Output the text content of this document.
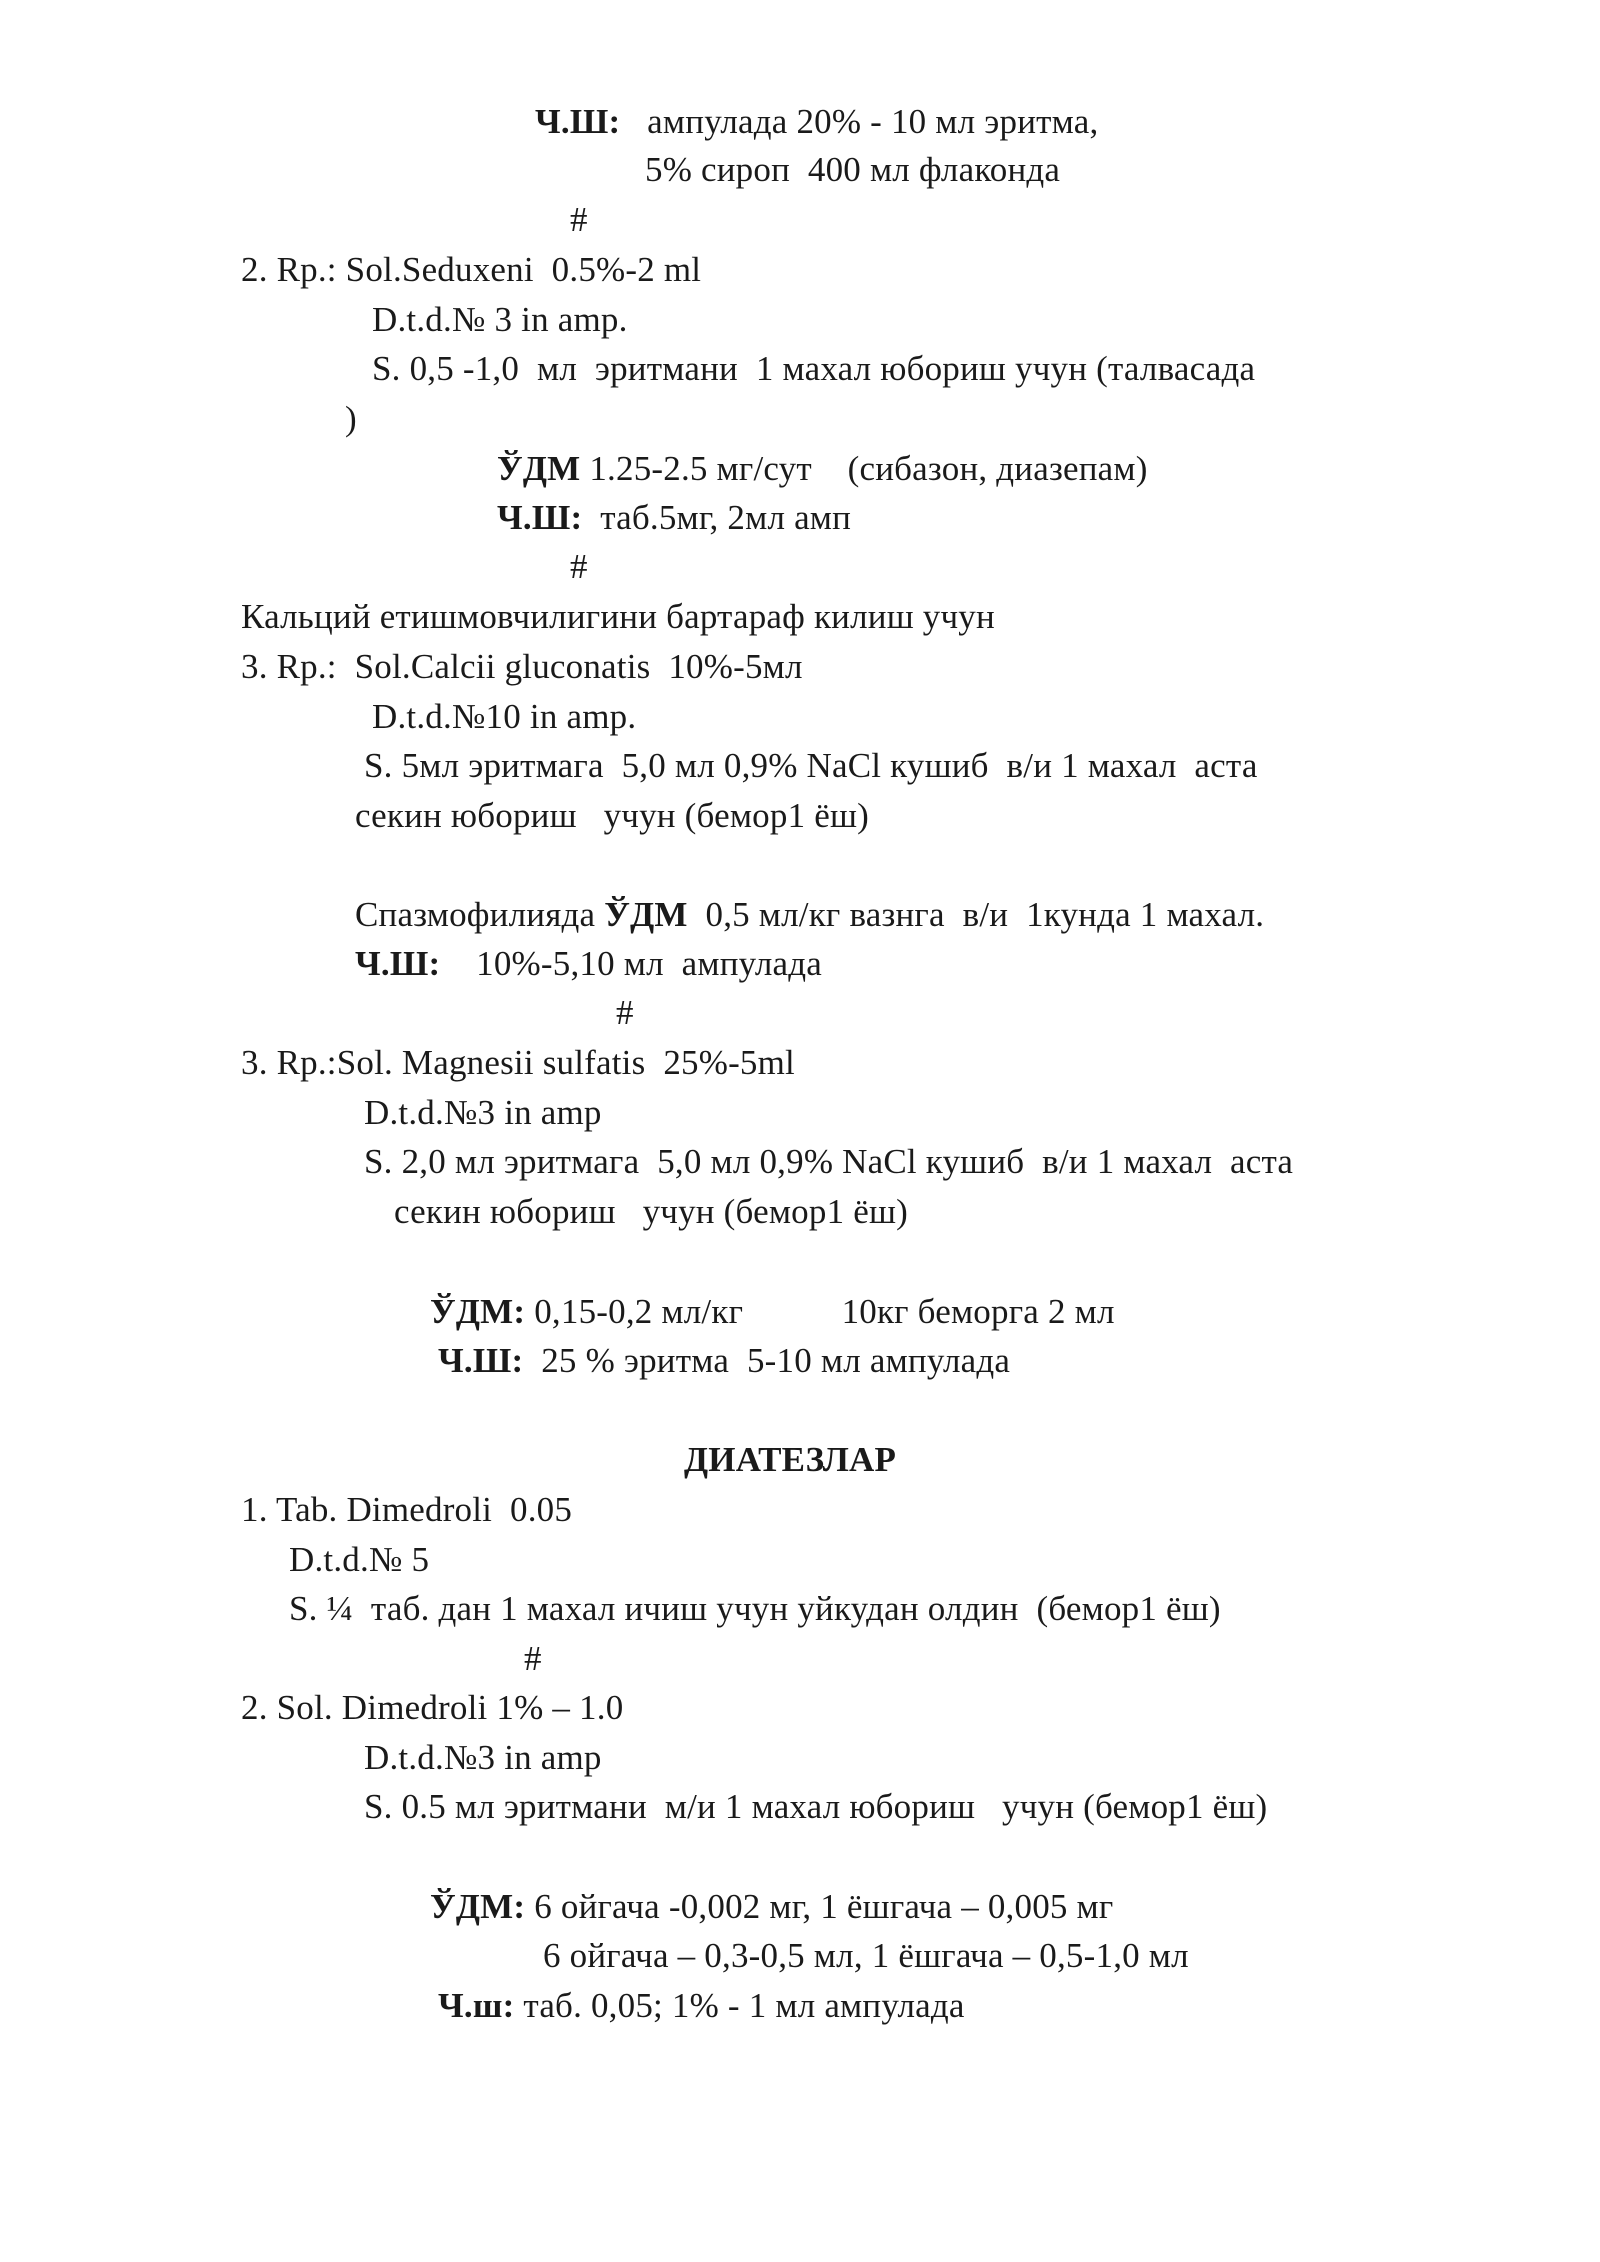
Ч.Ш:   ампулада 20% - 10 мл эритма,
5% сироп  400 мл флаконда
#
2. Rp.: Sol.Seduxeni  0.5%-2 ml
D.t.d.№ 3 in amp.
S. 0,5 -1,0  мл  эритмани  1 махал юбориш учун (талвасада
)
ЎДМ 1.25-2.5 мг/сут    (сибазон, диазепам)
Ч.Ш:  таб.5мг, 2мл амп
#
Кальций етишмовчилигини бартараф килиш учун
3. Rp.:  Sol.Calcii gluconatis  10%-5мл
D.t.d.№10 in amp.
S. 5мл эритмага  5,0 мл 0,9% NaCl кушиб  в/и 1 махал  аста
секин юбориш   учун (бемор1 ёш)
Спазмофилияда ЎДМ  0,5 мл/кг вазнга  в/и  1кунда 1 махал.
Ч.Ш:    10%-5,10 мл  ампулада
#
3. Rp.:Sol. Magnesii sulfatis  25%-5ml
D.t.d.№3 in amp
S. 2,0 мл эритмага  5,0 мл 0,9% NaCl кушиб  в/и 1 махал  аста
секин юбориш   учун (бемор1 ёш)
ЎДМ: 0,15-0,2 мл/кг           10кг беморга 2 мл
Ч.Ш:  25 % эритма  5-10 мл ампулада
ДИАТЕЗЛАР
1. Tab. Dimedroli  0.05
D.t.d.№ 5
S. ¼  таб. дан 1 махал ичиш учун уйкудан олдин  (бемор1 ёш)
#
2. Sol. Dimedroli 1% – 1.0
D.t.d.№3 in amp
S. 0.5 мл эритмани  м/и 1 махал юбориш   учун (бемор1 ёш)
ЎДМ: 6 ойгача -0,002 мг, 1 ёшгача – 0,005 мг
6 ойгача – 0,3-0,5 мл, 1 ёшгача – 0,5-1,0 мл
Ч.ш: таб. 0,05; 1% - 1 мл ампулада
